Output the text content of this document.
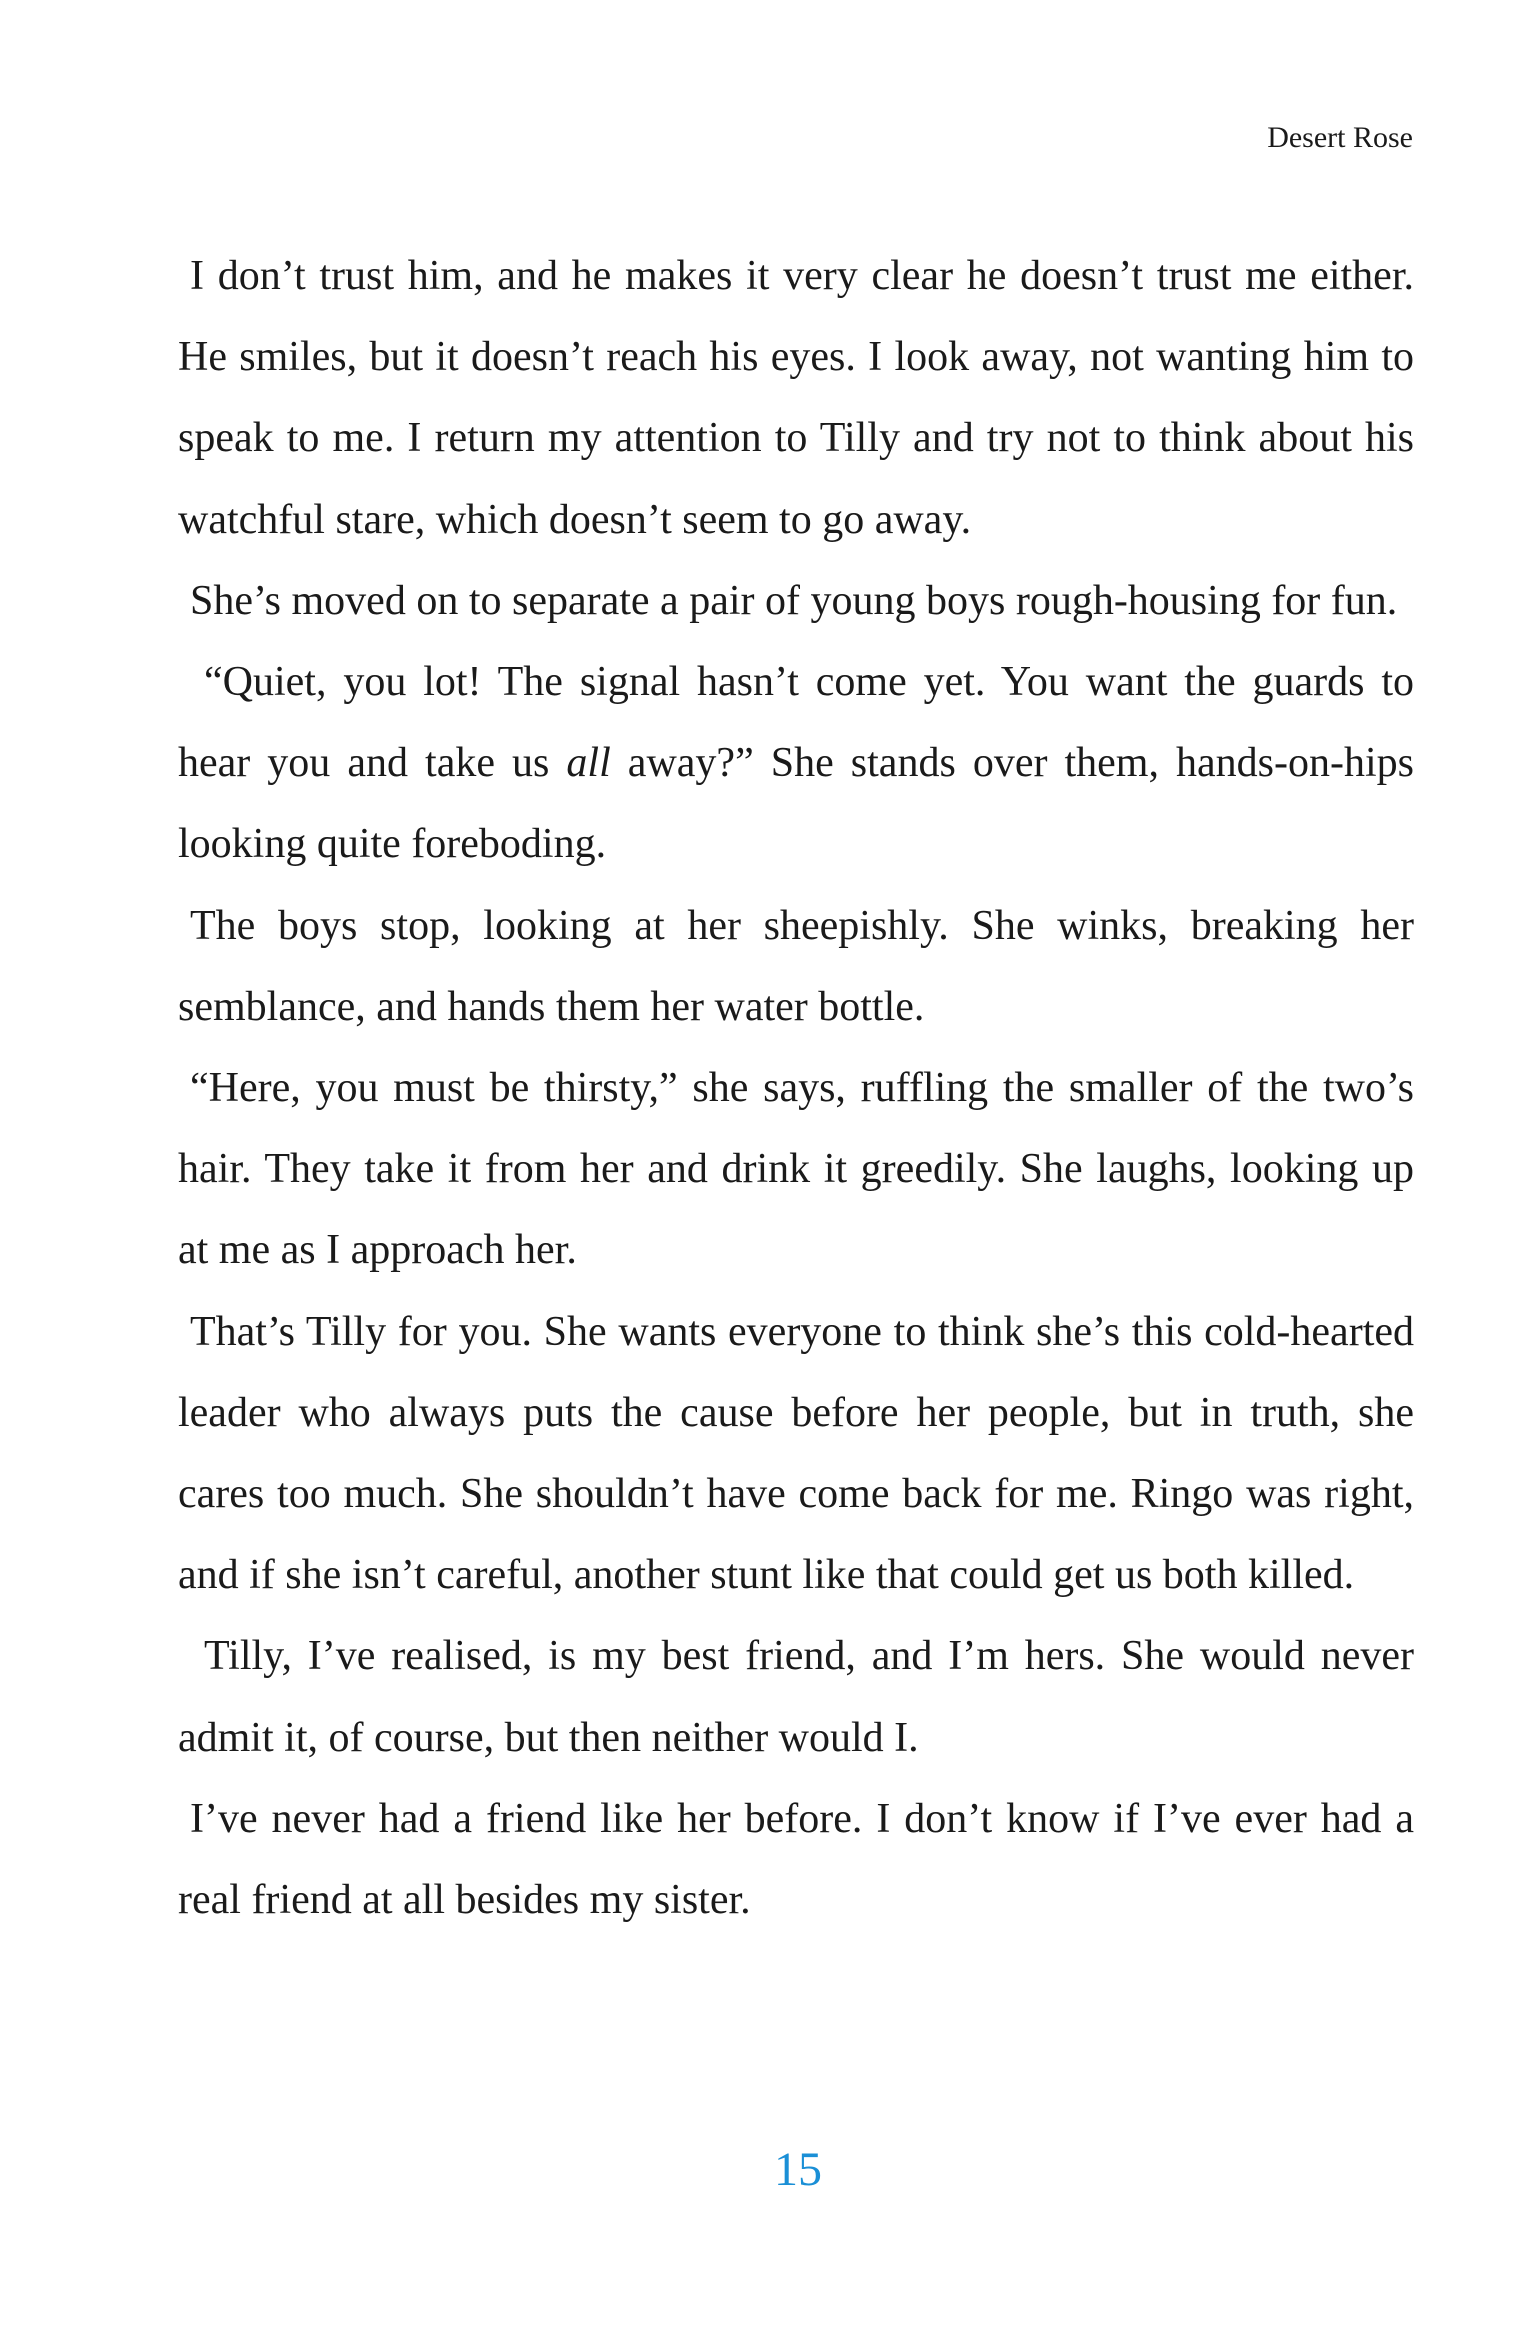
Desert Rose

I don’t trust him, and he makes it very clear he doesn’t trust me either. He smiles, but it doesn’t reach his eyes. I look away, not wanting him to speak to me. I return my attention to Tilly and try not to think about his watchful stare, which doesn’t seem to go away.

She’s moved on to separate a pair of young boys rough-housing for fun.

“Quiet, you lot! The signal hasn’t come yet. You want the guards to hear you and take us all away?” She stands over them, hands-on-hips looking quite foreboding.

The boys stop, looking at her sheepishly. She winks, breaking her semblance, and hands them her water bottle.

“Here, you must be thirsty,” she says, ruffling the smaller of the two’s hair. They take it from her and drink it greedily. She laughs, looking up at me as I approach her.

That’s Tilly for you. She wants everyone to think she’s this cold-hearted leader who always puts the cause before her people, but in truth, she cares too much. She shouldn’t have come back for me. Ringo was right, and if she isn’t careful, another stunt like that could get us both killed.

Tilly, I’ve realised, is my best friend, and I’m hers. She would never admit it, of course, but then neither would I.

I’ve never had a friend like her before. I don’t know if I’ve ever had a real friend at all besides my sister.

15
